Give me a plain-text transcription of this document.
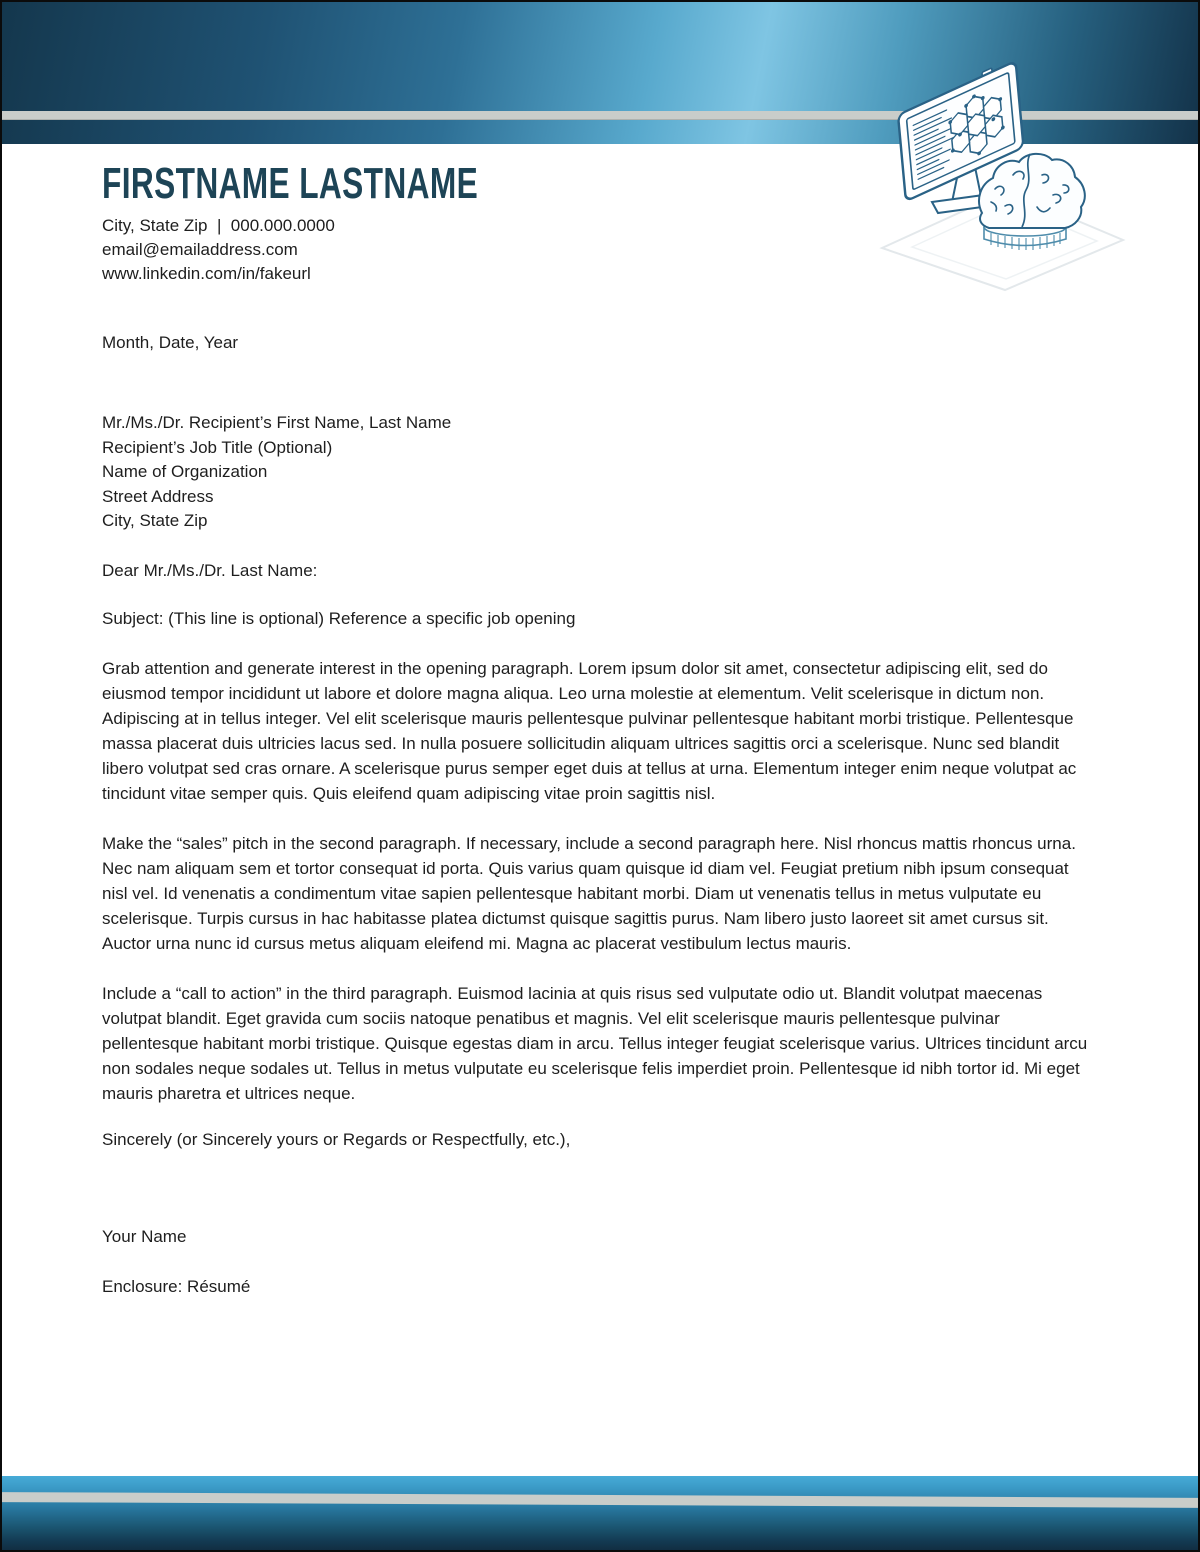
FIRSTNAME LASTNAME
City, State Zip  |  000.000.0000
email@emailaddress.com
www.linkedin.com/in/fakeurl
Month, Date, Year
Mr./Ms./Dr. Recipient’s First Name, Last Name
Recipient’s Job Title (Optional)
Name of Organization
Street Address
City, State Zip
Dear Mr./Ms./Dr. Last Name:
Subject: (This line is optional) Reference a specific job opening

Grab attention and generate interest in the opening paragraph. Lorem ipsum dolor sit amet, consectetur adipiscing elit, sed do eiusmod tempor incididunt ut labore et dolore magna aliqua. Leo urna molestie at elementum. Velit scelerisque in dictum non. Adipiscing at in tellus integer. Vel elit scelerisque mauris pellentesque pulvinar pellentesque habitant morbi tristique. Pellentesque massa placerat duis ultricies lacus sed. In nulla posuere sollicitudin aliquam ultrices sagittis orci a scelerisque. Nunc sed blandit libero volutpat sed cras ornare. A scelerisque purus semper eget duis at tellus at urna. Elementum integer enim neque volutpat ac tincidunt vitae semper quis. Quis eleifend quam adipiscing vitae proin sagittis nisl.

Make the “sales” pitch in the second paragraph. If necessary, include a second paragraph here. Nisl rhoncus mattis rhoncus urna. Nec nam aliquam sem et tortor consequat id porta. Quis varius quam quisque id diam vel. Feugiat pretium nibh ipsum consequat nisl vel. Id venenatis a condimentum vitae sapien pellentesque habitant morbi. Diam ut venenatis tellus in metus vulputate eu scelerisque. Turpis cursus in hac habitasse platea dictumst quisque sagittis purus. Nam libero justo laoreet sit amet cursus sit. Auctor urna nunc id cursus metus aliquam eleifend mi. Magna ac placerat vestibulum lectus mauris.

Include a “call to action” in the third paragraph. Euismod lacinia at quis risus sed vulputate odio ut. Blandit volutpat maecenas volutpat blandit. Eget gravida cum sociis natoque penatibus et magnis. Vel elit scelerisque mauris pellentesque pulvinar pellentesque habitant morbi tristique. Quisque egestas diam in arcu. Tellus integer feugiat scelerisque varius. Ultrices tincidunt arcu non sodales neque sodales ut. Tellus in metus vulputate eu scelerisque felis imperdiet proin. Pellentesque id nibh tortor id. Mi eget mauris pharetra et ultrices neque.

Sincerely (or Sincerely yours or Regards or Respectfully, etc.),
Your Name
Enclosure: Résumé
